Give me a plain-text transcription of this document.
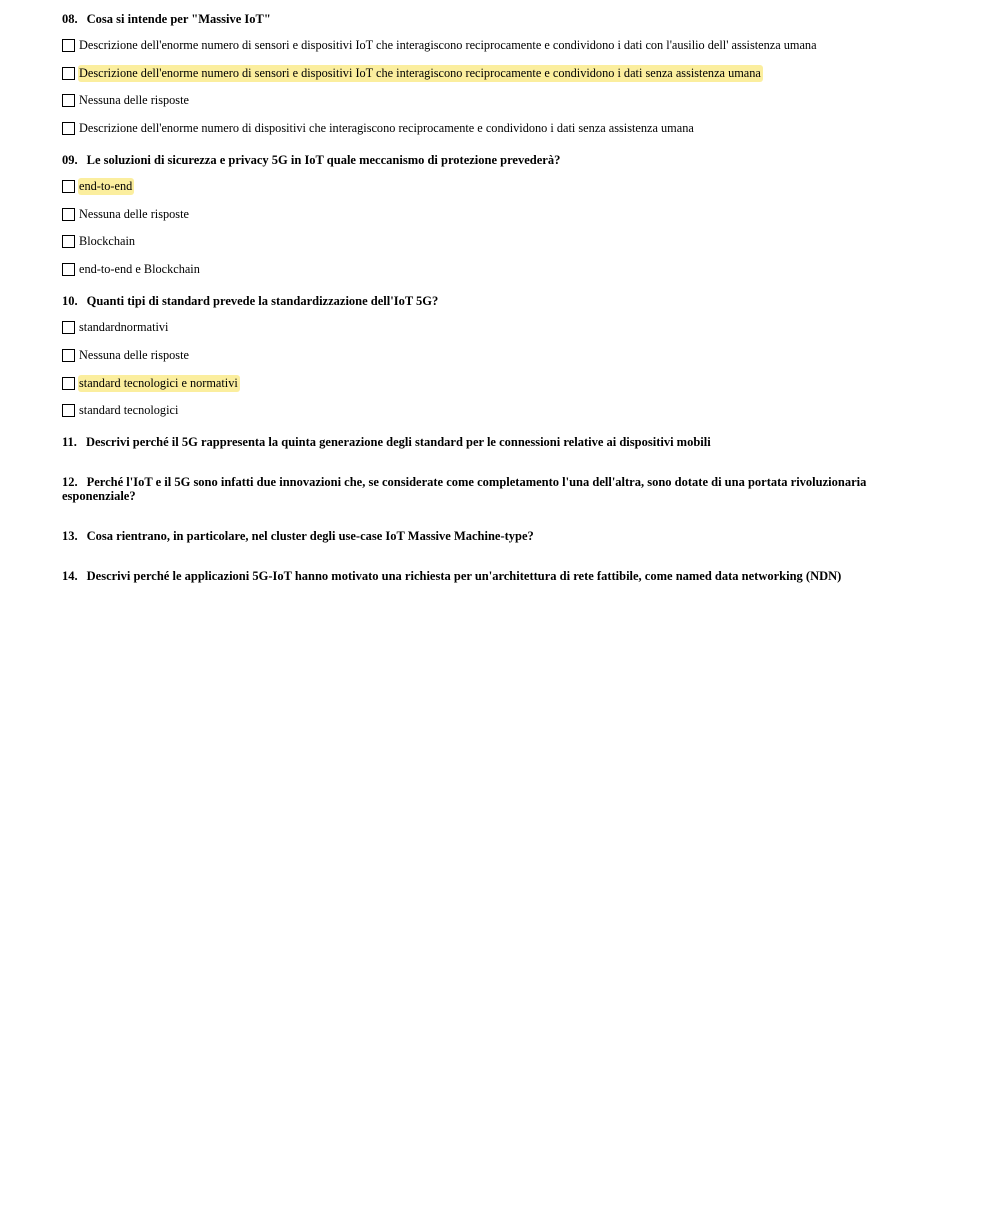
08. Cosa si intende per "Massive IoT"

Descrizione dell'enorme numero di sensori e dispositivi IoT che interagiscono reciprocamente e condividono i dati con l'ausilio dell' assistenza umana
Descrizione dell'enorme numero di sensori e dispositivi IoT che interagiscono reciprocamente e condividono i dati senza assistenza umana
Nessuna delle risposte
Descrizione dell'enorme numero di dispositivi che interagiscono reciprocamente e condividono i dati senza assistenza umana

09. Le soluzioni di sicurezza e privacy 5G in IoT quale meccanismo di protezione prevederà?

end-to-end
Nessuna delle risposte
Blockchain
end-to-end e Blockchain

10. Quanti tipi di standard prevede la standardizzazione dell'IoT 5G?

standardnormativi
Nessuna delle risposte
standard tecnologici e normativi
standard tecnologici

11. Descrivi perché il 5G rappresenta la quinta generazione degli standard per le connessioni relative ai dispositivi mobili

12. Perché l'IoT e il 5G sono infatti due innovazioni che, se considerate come completamento l'una dell'altra, sono dotate di una portata rivoluzionaria esponenziale?

13. Cosa rientrano, in particolare, nel cluster degli use-case IoT Massive Machine-type?

14. Descrivi perché le applicazioni 5G-IoT hanno motivato una richiesta per un'architettura di rete fattibile, come named data networking (NDN)
